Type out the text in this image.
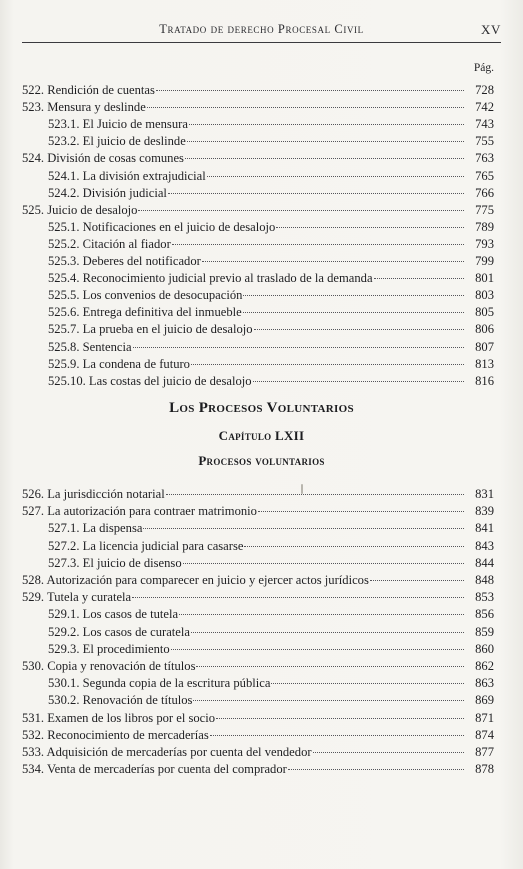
Tratado de derecho Procesal Civil	XV
Pág.
522. Rendición de cuentas	728
523. Mensura y deslinde	742
523.1. El Juicio de mensura	743
523.2. El juicio de deslinde	755
524. División de cosas comunes	763
524.1. La división extrajudicial	765
524.2. División judicial	766
525. Juicio de desalojo	775
525.1. Notificaciones en el juicio de desalojo	789
525.2. Citación al fiador	793
525.3. Deberes del notificador	799
525.4. Reconocimiento judicial previo al traslado de la demanda	801
525.5. Los convenios de desocupación	803
525.6. Entrega definitiva del inmueble	805
525.7. La prueba en el juicio de desalojo	806
525.8. Sentencia	807
525.9. La condena de futuro	813
525.10. Las costas del juicio de desalojo	816
526. La jurisdicción notarial	831
527. La autorización para contraer matrimonio	839
527.1. La dispensa	841
527.2. La licencia judicial para casarse	843
527.3. El juicio de disenso	844
528. Autorización para comparecer en juicio y ejercer actos jurídicos	848
529. Tutela y curatela	853
529.1. Los casos de tutela	856
529.2. Los casos de curatela	859
529.3. El procedimiento	860
530. Copia y renovación de títulos	862
530.1. Segunda copia de la escritura pública	863
530.2. Renovación de títulos	869
531. Examen de los libros por el socio	871
532. Reconocimiento de mercaderías	874
533. Adquisición de mercaderías por cuenta del vendedor	877
534. Venta de mercaderías por cuenta del comprador	878
Los Procesos Voluntarios
Capítulo LXII
Procesos voluntarios
